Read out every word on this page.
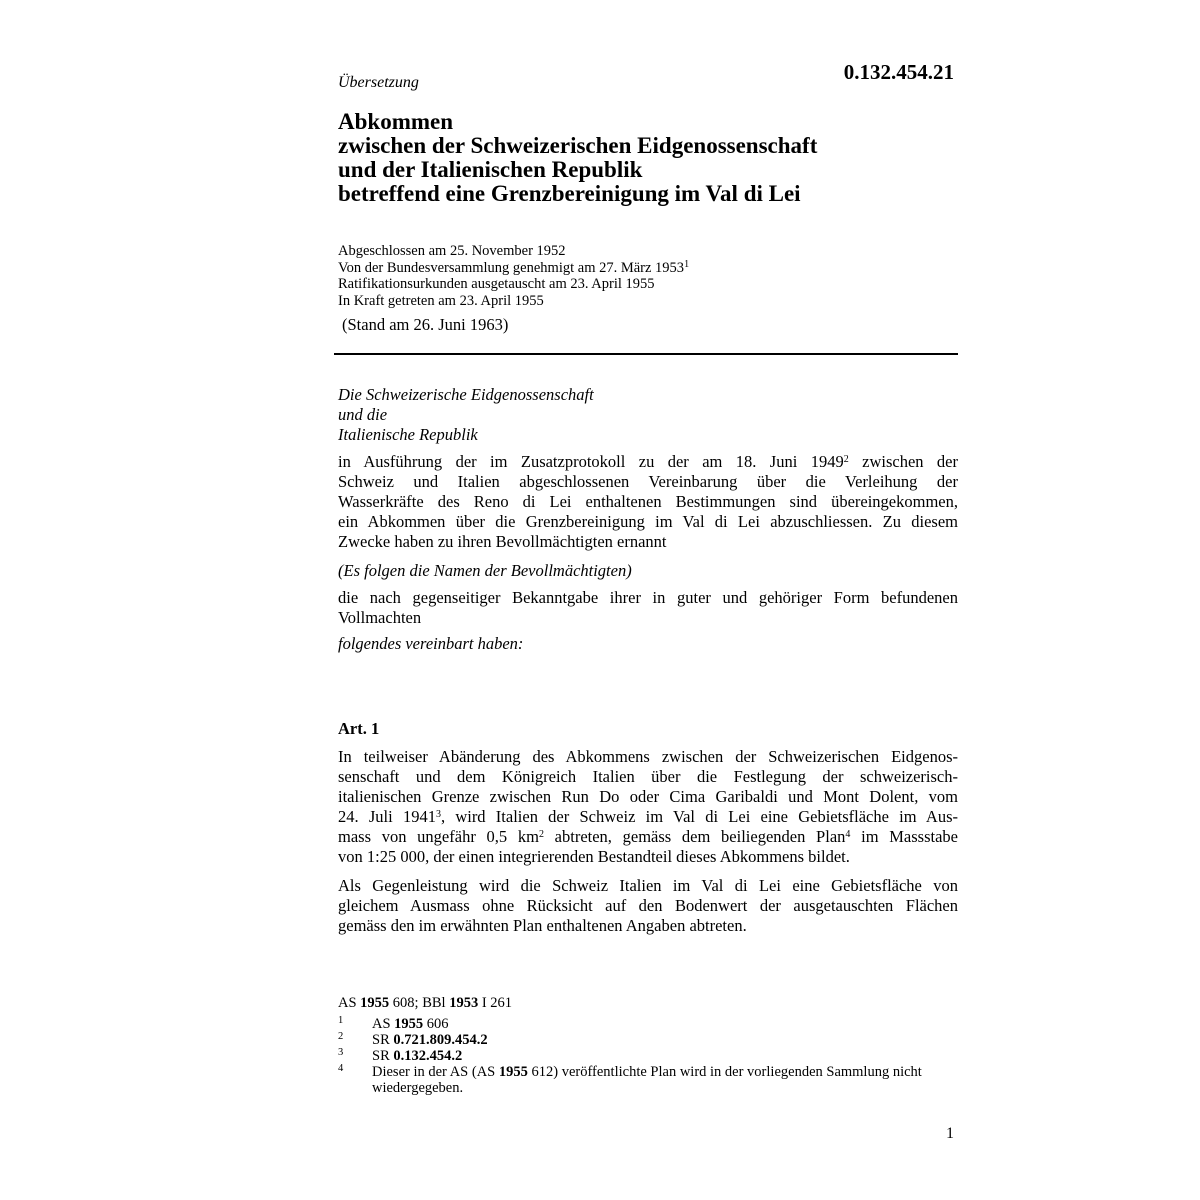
Übersetzung	0.132.454.21
Abkommen
zwischen der Schweizerischen Eidgenossenschaft
und der Italienischen Republik
betreffend eine Grenzbereinigung im Val di Lei
Abgeschlossen am 25. November 1952
Von der Bundesversammlung genehmigt am 27. März 1953$^1$
Ratifikationsurkunden ausgetauscht am 23. April 1955
In Kraft getreten am 23. April 1955
(Stand am 26. Juni 1963)
Die Schweizerische Eidgenossenschaft
und die
Italienische Republik
in Ausführung der im Zusatzprotokoll zu der am 18. Juni 1949$^2$ zwischen der
Schweiz und Italien abgeschlossenen Vereinbarung über die Verleihung der
Wasserkräfte des Reno di Lei enthaltenen Bestimmungen sind übereingekommen,
ein Abkommen über die Grenzbereinigung im Val di Lei abzuschliessen. Zu diesem
Zwecke haben zu ihren Bevollmächtigten ernannt
(Es folgen die Namen der Bevollmächtigten)
die nach gegenseitiger Bekanntgabe ihrer in guter und gehöriger Form befundenen
Vollmachten
folgendes vereinbart haben:
Art. 1
In teilweiser Abänderung des Abkommens zwischen der Schweizerischen Eidgenos-
senschaft und dem Königreich Italien über die Festlegung der schweizerisch-
italienischen Grenze zwischen Run Do oder Cima Garibaldi und Mont Dolent, vom
24. Juli 1941$^3$, wird Italien der Schweiz im Val di Lei eine Gebietsfläche im Aus-
mass von ungefähr 0,5 $km^2$ abtreten, gemäss dem beiliegenden Plan$^4$ im Massstabe
von 1:25 000, der einen integrierenden Bestandteil dieses Abkommens bildet.
Als Gegenleistung wird die Schweiz Italien im Val di Lei eine Gebietsfläche von
gleichem Ausmass ohne Rücksicht auf den Bodenwert der ausgetauschten Flächen
gemäss den im erwähnten Plan enthaltenen Angaben abtreten.
AS 1955 608; BBl 1953 I 261
1 AS 1955 606
2 SR 0.721.809.454.2
3 SR 0.132.454.2
4 Dieser in der AS (AS 1955 612) veröffentlichte Plan wird in der vorliegenden Sammlung nicht wiedergegeben.
1
